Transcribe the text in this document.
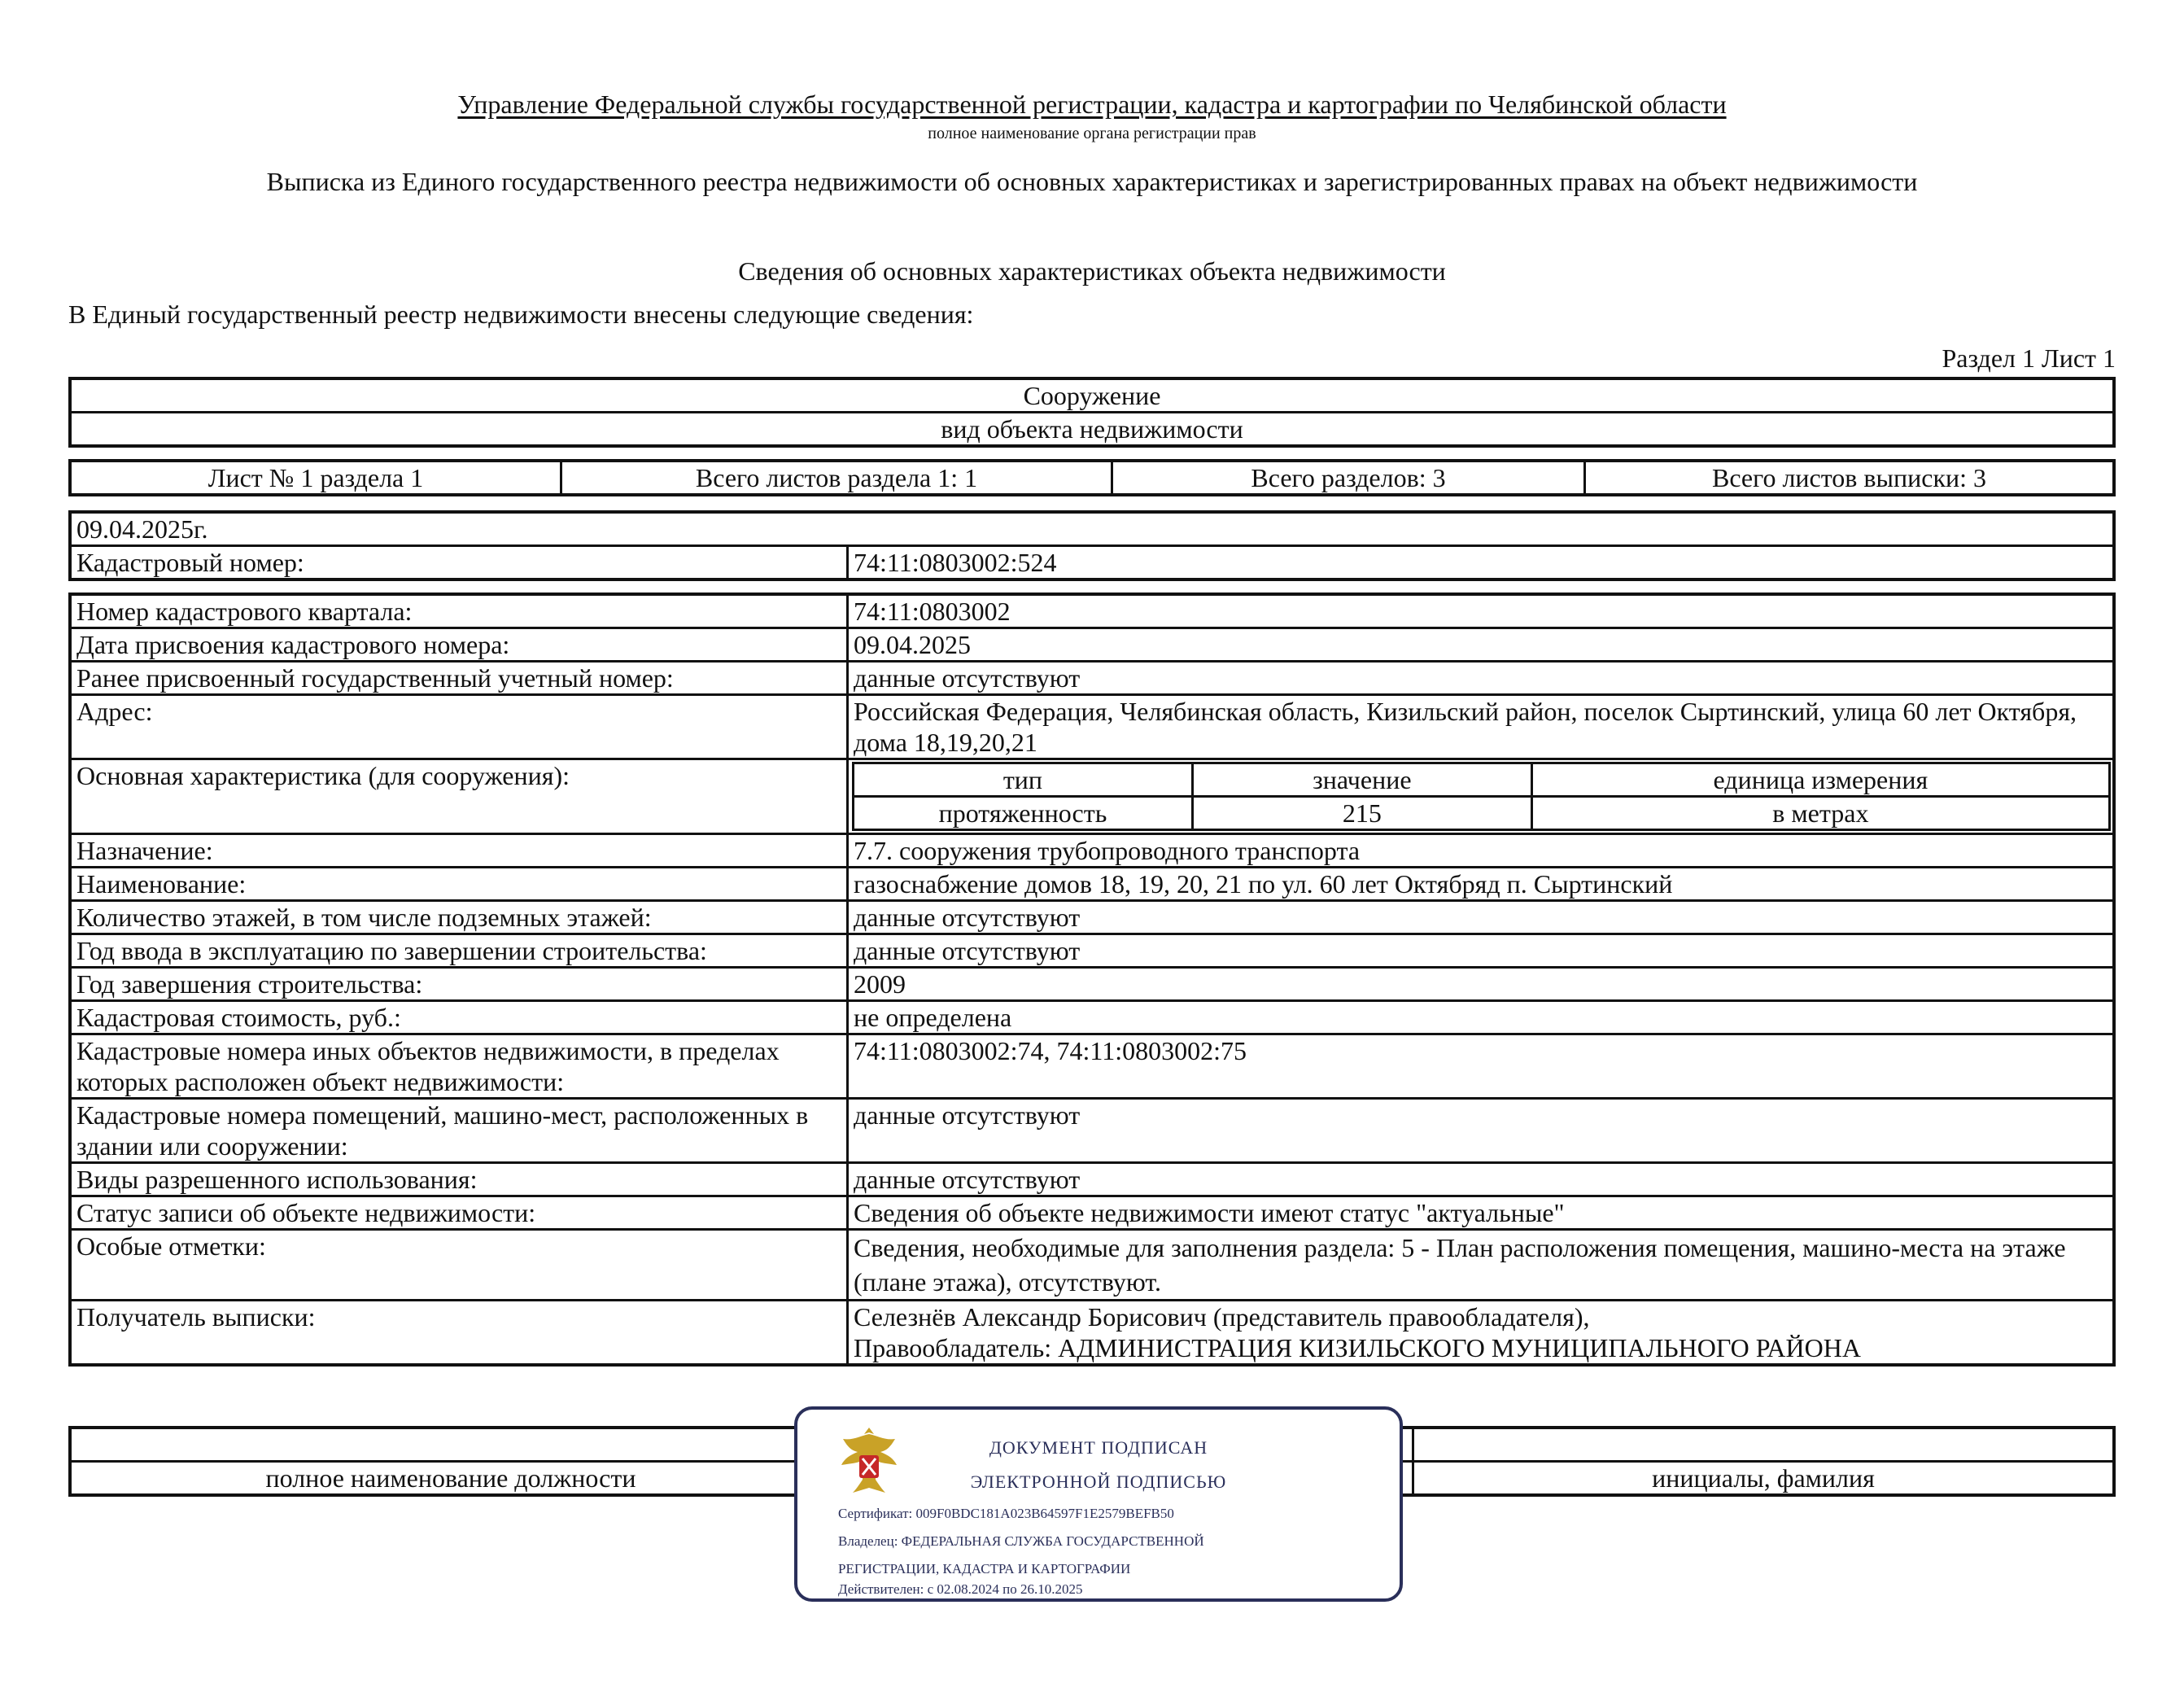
Управление Федеральной службы государственной регистрации, кадастра и картографии по Челябинской области
полное наименование органа регистрации прав
Выписка из Единого государственного реестра недвижимости об основных характеристиках и зарегистрированных правах на объект недвижимости
Сведения об основных характеристиках объекта недвижимости
В Единый государственный реестр недвижимости внесены следующие сведения:
Раздел 1 Лист 1
Сооружение
вид объекта недвижимости
Лист № 1 раздела 1	Всего листов раздела 1: 1	Всего разделов: 3	Всего листов выписки: 3
09.04.2025г.
Кадастровый номер:	74:11:0803002:524
Номер кадастрового квартала:	74:11:0803002
Дата присвоения кадастрового номера:	09.04.2025
Ранее присвоенный государственный учетный номер:	данные отсутствуют
Адрес:	Российская Федерация, Челябинская область, Кизильский район, поселок Сыртинский, улица 60 лет Октября, дома 18,19,20,21
Основная характеристика (для сооружения):		тип	значение	единица измерения
протяженность	215	в метрах

Назначение:	7.7. сооружения трубопроводного транспорта
Наименование:	газоснабжение домов 18, 19, 20, 21 по ул. 60 лет Октябряд п. Сыртинский
Количество этажей, в том числе подземных этажей:	данные отсутствуют
Год ввода в эксплуатацию по завершении строительства:	данные отсутствуют
Год завершения строительства:	2009
Кадастровая стоимость, руб.:	не определена
Кадастровые номера иных объектов недвижимости, в пределах которых расположен объект недвижимости:	74:11:0803002:74, 74:11:0803002:75
Кадастровые номера помещений, машино-мест, расположенных в здании или сооружении:	данные отсутствуют
Виды разрешенного использования:	данные отсутствуют
Статус записи об объекте недвижимости:	Сведения об объекте недвижимости имеют статус "актуальные"
Особые отметки:	Сведения, необходимые для заполнения раздела: 5 - План расположения помещения, машино-места на этаже (плане этажа), отсутствуют.
Получатель выписки:	Селезнёв Александр Борисович (представитель правообладателя),
Правообладатель: АДМИНИСТРАЦИЯ КИЗИЛЬСКОГО МУНИЦИПАЛЬНОГО РАЙОНА

полное наименование должности		инициалы, фамилия
ДОКУМЕНТ ПОДПИСАН
ЭЛЕКТРОННОЙ ПОДПИСЬЮ
Сертификат: 009F0BDC181A023B64597F1E2579BEFB50
Владелец: ФЕДЕРАЛЬНАЯ СЛУЖБА ГОСУДАРСТВЕННОЙ
РЕГИСТРАЦИИ, КАДАСТРА И КАРТОГРАФИИ
Действителен: с 02.08.2024 по 26.10.2025
